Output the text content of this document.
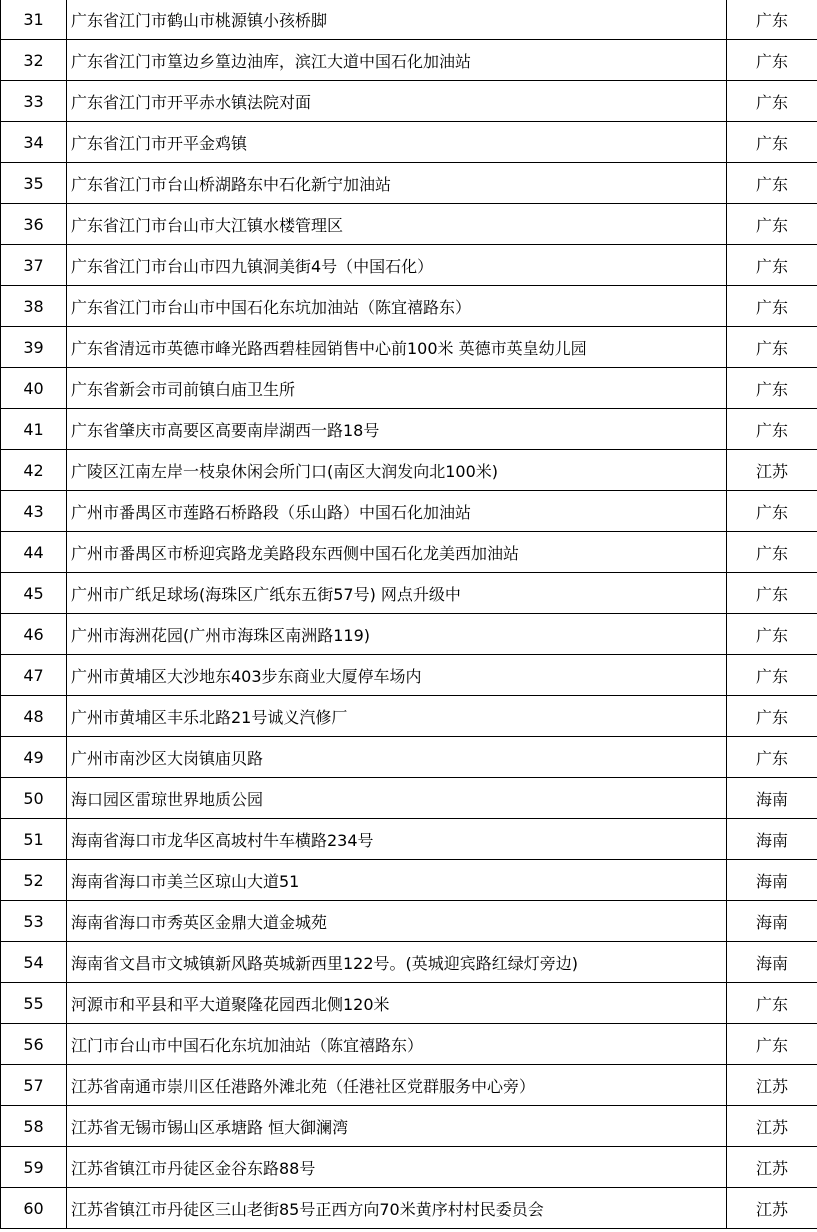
31	广东省江门市鹤山市桃源镇小孩桥脚	广东
32	广东省江门市篁边乡篁边油库，滨江大道中国石化加油站	广东
33	广东省江门市开平赤水镇法院对面	广东
34	广东省江门市开平金鸡镇	广东
35	广东省江门市台山桥湖路东中石化新宁加油站	广东
36	广东省江门市台山市大江镇水楼管理区	广东
37	广东省江门市台山市四九镇洞美街4号（中国石化）	广东
38	广东省江门市台山市中国石化东坑加油站（陈宜禧路东）	广东
39	广东省清远市英德市峰光路西碧桂园销售中心前100米 英德市英皇幼儿园	广东
40	广东省新会市司前镇白庙卫生所	广东
41	广东省肇庆市高要区高要南岸湖西一路18号	广东
42	广陵区江南左岸一枝泉休闲会所门口(南区大润发向北100米)	江苏
43	广州市番禺区市莲路石桥路段（乐山路）中国石化加油站	广东
44	广州市番禺区市桥迎宾路龙美路段东西侧中国石化龙美西加油站	广东
45	广州市广纸足球场(海珠区广纸东五街57号) 网点升级中	广东
46	广州市海洲花园(广州市海珠区南洲路119)	广东
47	广州市黄埔区大沙地东403步东商业大厦停车场内	广东
48	广州市黄埔区丰乐北路21号诚义汽修厂	广东
49	广州市南沙区大岗镇庙贝路	广东
50	海口园区雷琼世界地质公园	海南
51	海南省海口市龙华区高坡村牛车横路234号	海南
52	海南省海口市美兰区琼山大道51	海南
53	海南省海口市秀英区金鼎大道金城苑	海南
54	海南省文昌市文城镇新风路英城新西里122号。(英城迎宾路红绿灯旁边)	海南
55	河源市和平县和平大道聚隆花园西北侧120米	广东
56	江门市台山市中国石化东坑加油站（陈宜禧路东）	广东
57	江苏省南通市崇川区任港路外滩北苑（任港社区党群服务中心旁）	江苏
58	江苏省无锡市锡山区承塘路 恒大御澜湾	江苏
59	江苏省镇江市丹徒区金谷东路88号	江苏
60	江苏省镇江市丹徒区三山老街85号正西方向70米黄序村村民委员会	江苏
